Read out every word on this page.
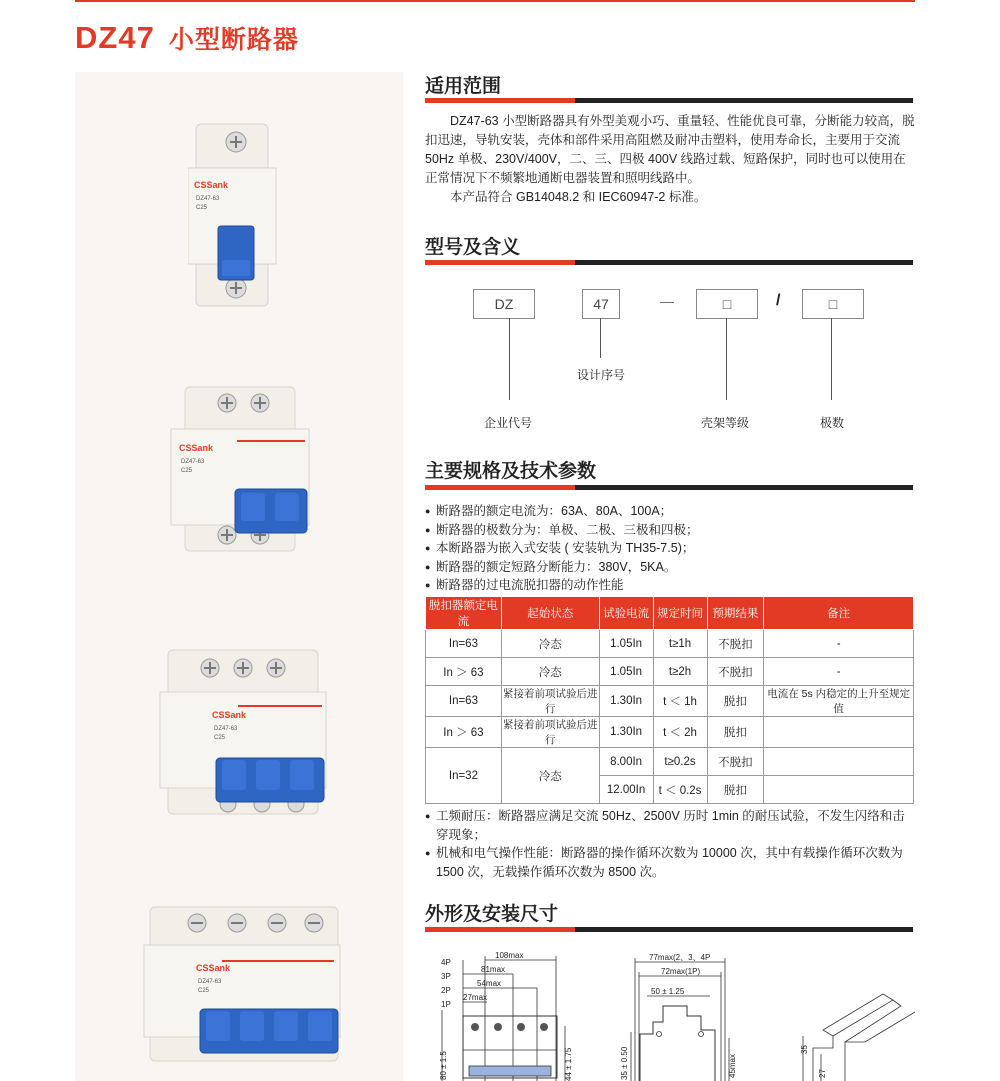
DZ47 小型断路器
CSSank
DZ47-63
C25
CSSank
DZ47-63
C25
CSSank
DZ47-63
C25
CSSank
DZ47-63
C25
适用范围

DZ47-63 小型断路器具有外型美观小巧、重量轻、性能优良可靠，分断能力较高，脱扣迅速，导轨安装，壳体和部件采用高阻燃及耐冲击塑料，使用寿命长，主要用于交流 50Hz 单极、230V/400V，二、三、四极 400V 线路过载、短路保护，同时也可以使用在正常情况下不频繁地通断电器装置和照明线路中。

本产品符合 GB14048.2 和 IEC60947-2 标准。

型号及含义
DZ	47	—	□	/	□
设计序号
企业代号	壳架等级	极数
主要规格及技术参数
● 断路器的额定电流为：63A、80A、100A；
● 断路器的极数分为：单极、二极、三极和四极；
● 本断路器为嵌入式安装 ( 安装轨为 TH35-7.5)；
● 断路器的额定短路分断能力：380V，5KA。
● 断路器的过电流脱扣器的动作性能
脱扣器额定电流	起始状态	试验电流	规定时间	预期结果	备注
In=63	冷态	1.05In	t≥1h	不脱扣	-
In ＞ 63	冷态	1.05In	t≥2h	不脱扣	-
In=63	紧接着前项试验后进行	1.30In	t ＜ 1h	脱扣	电流在 5s 内稳定的上升至规定值
In ＞ 63	紧接着前项试验后进行	1.30In	t ＜ 2h	脱扣	
In=32	冷态	8.00In	t≥0.2s	不脱扣	
		12.00In	t ＜ 0.2s	脱扣	
● 工频耐压：断路器应满足交流 50Hz、2500V 历时 1min 的耐压试验，不发生闪络和击穿现象；
● 机械和电气操作性能：断路器的操作循环次数为 10000 次，其中有载操作循环次数为 1500 次，无载操作循环次数为 8500 次。
外形及安装尺寸
4P
3P
2P
1P
108max
81max
54max
27max
80 ± 1.5	44 ± 1.75
77max(2、3、4P
72max(1P)
50 ± 1.25
35 ± 0.50	45max
35
27
